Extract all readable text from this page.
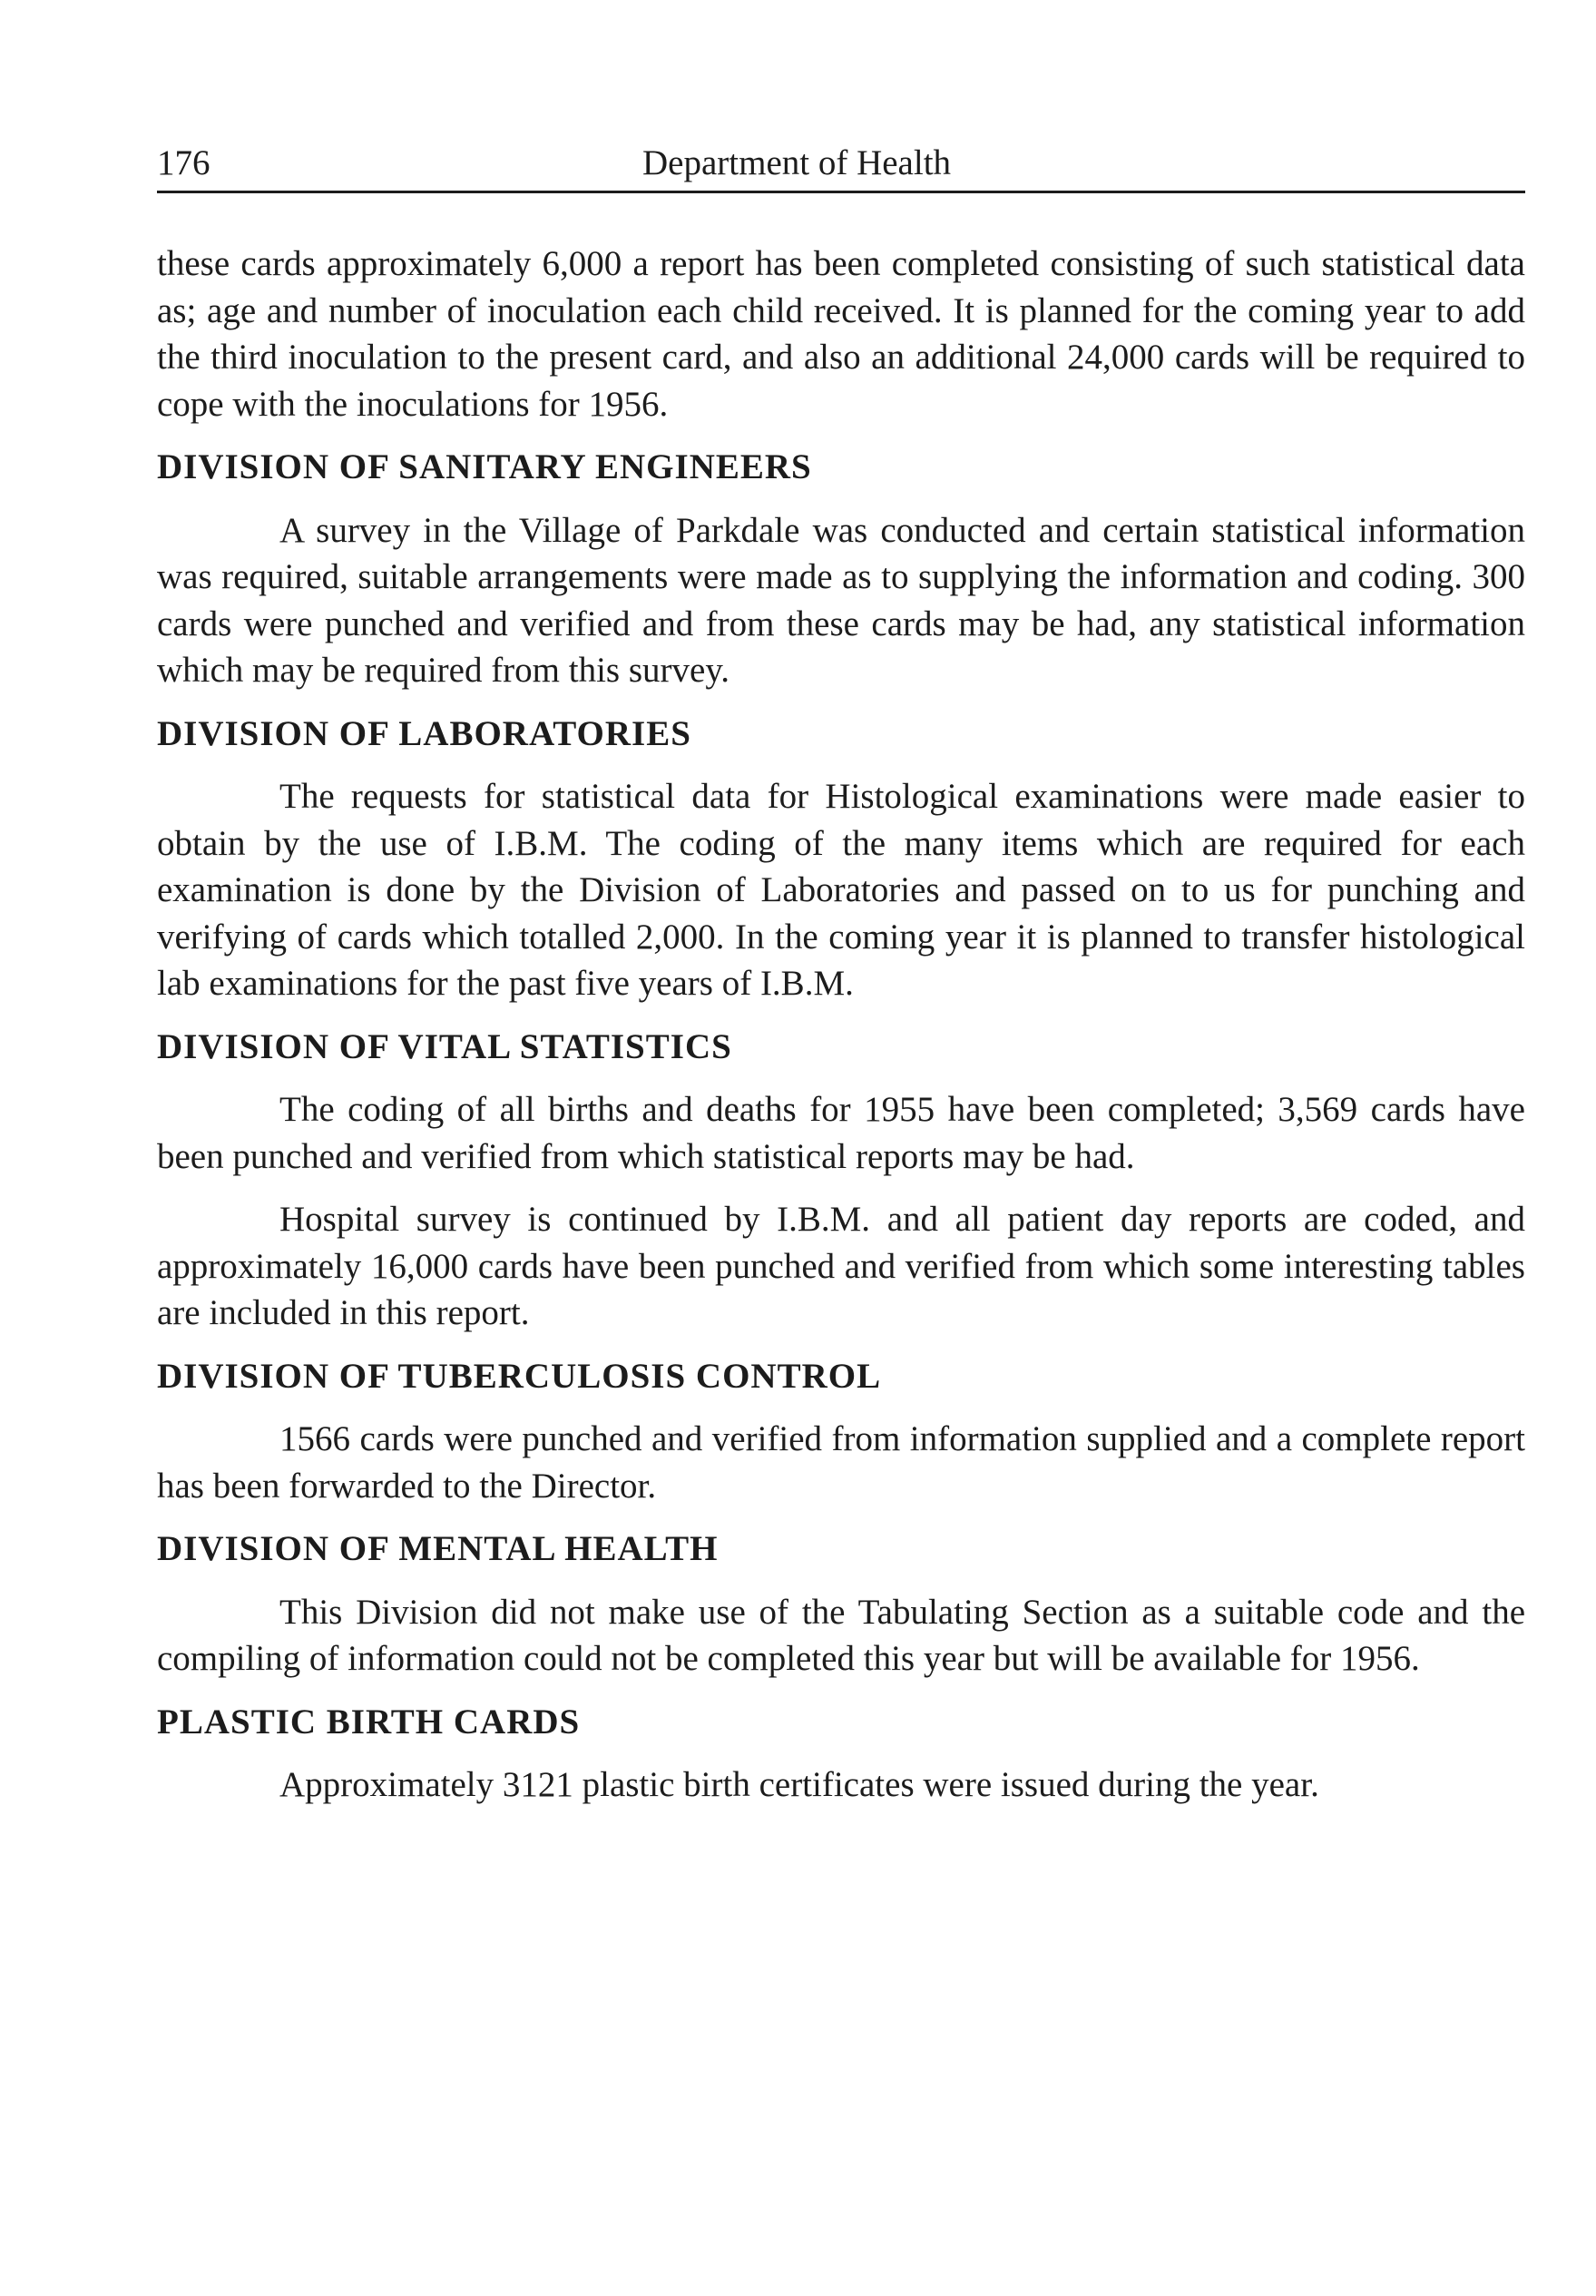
176	Department of Health

these cards approximately 6,000 a report has been completed consisting of such statistical data as; age and number of inoculation each child received. It is planned for the coming year to add the third inoculation to the present card, and also an additional 24,000 cards will be required to cope with the inoculations for 1956.

DIVISION OF SANITARY ENGINEERS

A survey in the Village of Parkdale was conducted and certain statistical information was required, suitable arrangements were made as to supplying the information and coding. 300 cards were punched and verified and from these cards may be had, any statistical information which may be required from this survey.

DIVISION OF LABORATORIES

The requests for statistical data for Histological examinations were made easier to obtain by the use of I.B.M. The coding of the many items which are required for each examination is done by the Division of Laboratories and passed on to us for punching and verifying of cards which totalled 2,000. In the coming year it is planned to transfer histological lab examinations for the past five years of I.B.M.

DIVISION OF VITAL STATISTICS

The coding of all births and deaths for 1955 have been completed; 3,569 cards have been punched and verified from which statistical reports may be had.

Hospital survey is continued by I.B.M. and all patient day reports are coded, and approximately 16,000 cards have been punched and verified from which some interesting tables are included in this report.

DIVISION OF TUBERCULOSIS CONTROL

1566 cards were punched and verified from information supplied and a complete report has been forwarded to the Director.

DIVISION OF MENTAL HEALTH

This Division did not make use of the Tabulating Section as a suitable code and the compiling of information could not be completed this year but will be available for 1956.

PLASTIC BIRTH CARDS

Approximately 3121 plastic birth certificates were issued during the year.
